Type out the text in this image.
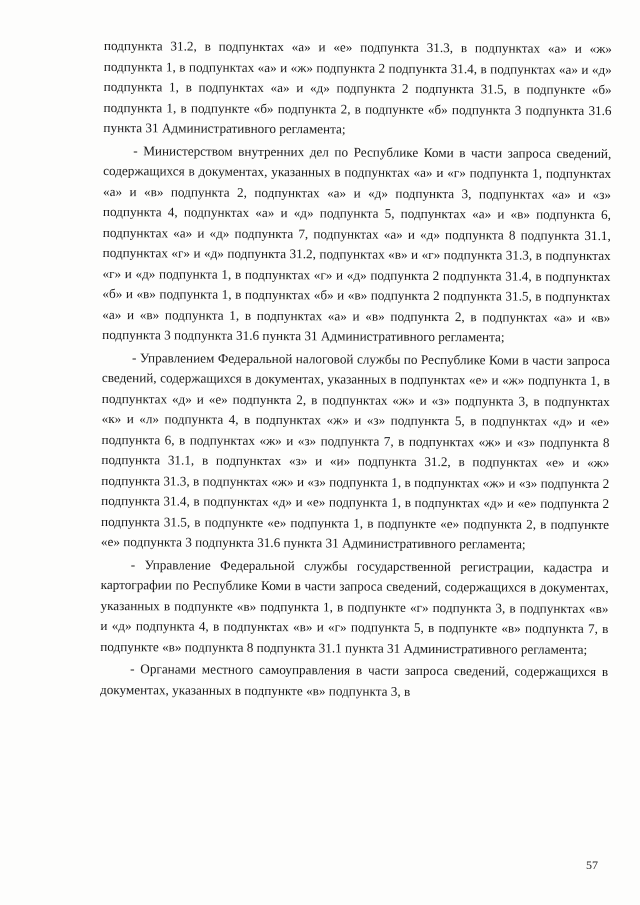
подпункта 31.2, в подпунктах «а» и «е» подпункта 31.3, в подпунктах «а» и «ж» подпункта 1, в подпунктах «а» и «ж» подпункта 2 подпункта 31.4, в подпунктах «а» и «д» подпункта 1, в подпунктах «а» и «д» подпункта 2 подпункта 31.5, в подпункте «б» подпункта 1, в подпункте «б» подпункта 2, в подпункте «б» подпункта 3 подпункта 31.6 пункта 31 Административного регламента;

- Министерством внутренних дел по Республике Коми в части запроса сведений, содержащихся в документах, указанных в подпунктах «а» и «г» подпункта 1, подпунктах «а» и «в» подпункта 2, подпунктах «а» и «д» подпункта 3, подпунктах «а» и «з» подпункта 4, подпунктах «а» и «д» подпункта 5, подпунктах «а» и «в» подпункта 6, подпунктах «а» и «д» подпункта 7, подпунктах «а» и «д» подпункта 8 подпункта 31.1, подпунктах «г» и «д» подпункта 31.2, подпунктах «в» и «г» подпункта 31.3, в подпунктах «г» и «д» подпункта 1, в подпунктах «г» и «д» подпункта 2 подпункта 31.4, в подпунктах «б» и «в» подпункта 1, в подпунктах «б» и «в» подпункта 2 подпункта 31.5, в подпунктах «а» и «в» подпункта 1, в подпунктах «а» и «в» подпункта 2, в подпунктах «а» и «в» подпункта 3 подпункта 31.6 пункта 31 Административного регламента;

- Управлением Федеральной налоговой службы по Республике Коми в части запроса сведений, содержащихся в документах, указанных в подпунктах «е» и «ж» подпункта 1, в подпунктах «д» и «е» подпункта 2, в подпунктах «ж» и «з» подпункта 3, в подпунктах «к» и «л» подпункта 4, в подпунктах «ж» и «з» подпункта 5, в подпунктах «д» и «е» подпункта 6, в подпунктах «ж» и «з» подпункта 7, в подпунктах «ж» и «з» подпункта 8 подпункта 31.1, в подпунктах «з» и «и» подпункта 31.2, в подпунктах «е» и «ж» подпункта 31.3, в подпунктах «ж» и «з» подпункта 1, в подпунктах «ж» и «з» подпункта 2 подпункта 31.4, в подпунктах «д» и «е» подпункта 1, в подпунктах «д» и «е» подпункта 2 подпункта 31.5, в подпункте «е» подпункта 1, в подпункте «е» подпункта 2, в подпункте «е» подпункта 3 подпункта 31.6 пункта 31 Административного регламента;

- Управление Федеральной службы государственной регистрации, кадастра и картографии по Республике Коми в части запроса сведений, содержащихся в документах, указанных в подпункте «в» подпункта 1, в подпункте «г» подпункта 3, в подпунктах «в» и «д» подпункта 4, в подпунктах «в» и «г» подпункта 5, в подпункте «в» подпункта 7, в подпункте «в» подпункта 8 подпункта 31.1 пункта 31 Административного регламента;

- Органами местного самоуправления в части запроса сведений, содержащихся в документах, указанных в подпункте «в» подпункта 3, в

57
